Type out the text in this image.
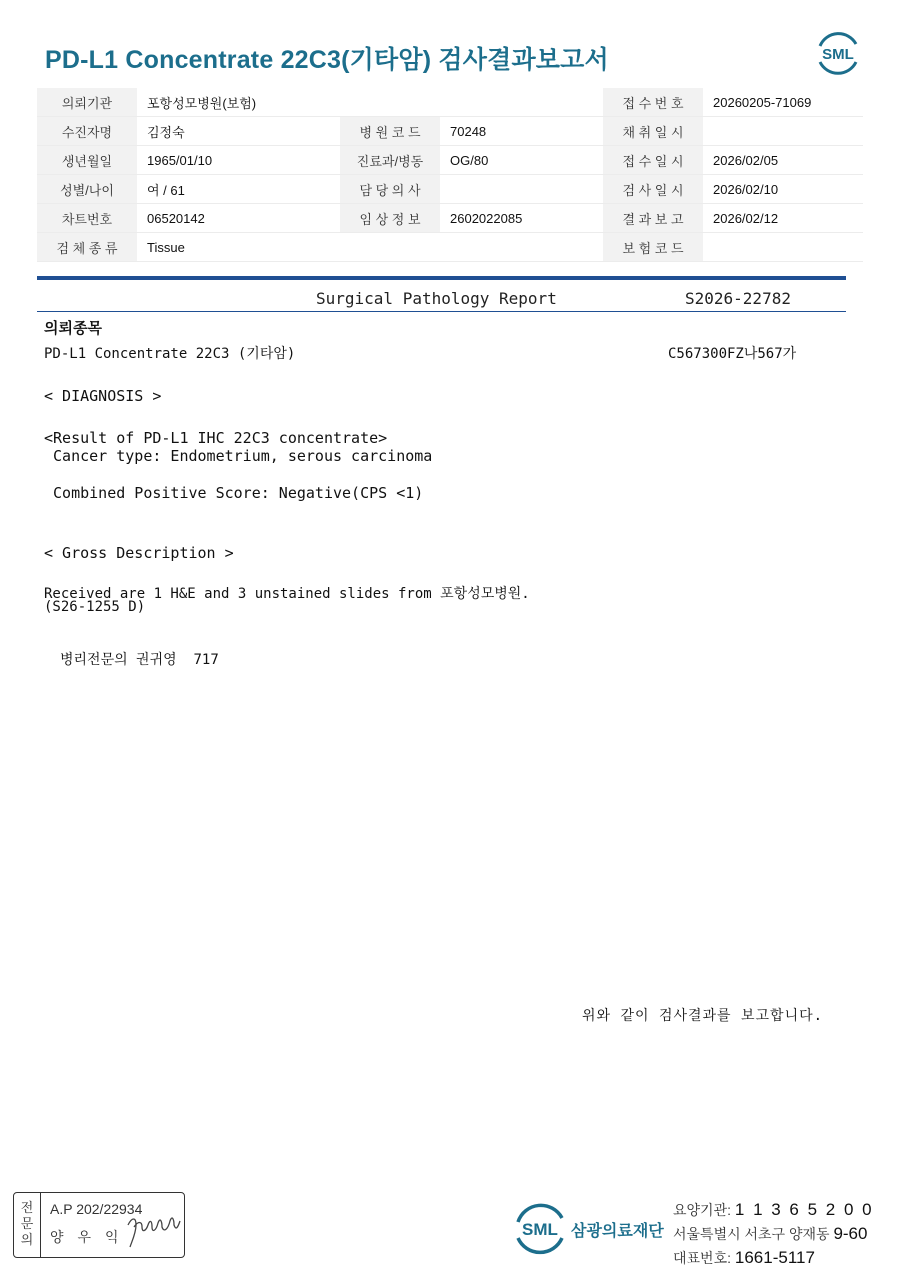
PD-L1 Concentrate 22C3(기타암) 검사결과보고서	SML
의뢰기관	포항성모병원(보험)			접 수 번 호	20260205-71069
수진자명	김정숙	병 원 코 드	70248	채 취 일 시	
생년월일	1965/01/10	진료과/병동	OG/80	접 수 일 시	2026/02/05
성별/나이	여 / 61	담 당 의 사		검 사 일 시	2026/02/10
차트번호	06520142	임 상 정 보	2602022085	결 과 보 고	2026/02/12
검 체 종 류	Tissue			보 험 코 드	
Surgical Pathology Report	S2026-22782
의뢰종목
PD-L1 Concentrate 22C3 (기타암)	C567300FZ나567가
< DIAGNOSIS >
<Result of PD-L1 IHC 22C3 concentrate>
Cancer type: Endometrium, serous carcinoma
Combined Positive Score: Negative(CPS <1)
< Gross Description >
Received are 1 H&E and 3 unstained slides from 포항성모병원.
(S26-1255 D)
병리전문의 권귀영  717
위와 같이 검사결과를 보고합니다.
전
문
의
A.P 202/22934
양우익	SML 삼광의료재단
요양기관: 1 1 3 6 5 2 0 0
서울특별시 서초구 양재동 9-60
대표번호: 1661-5117
